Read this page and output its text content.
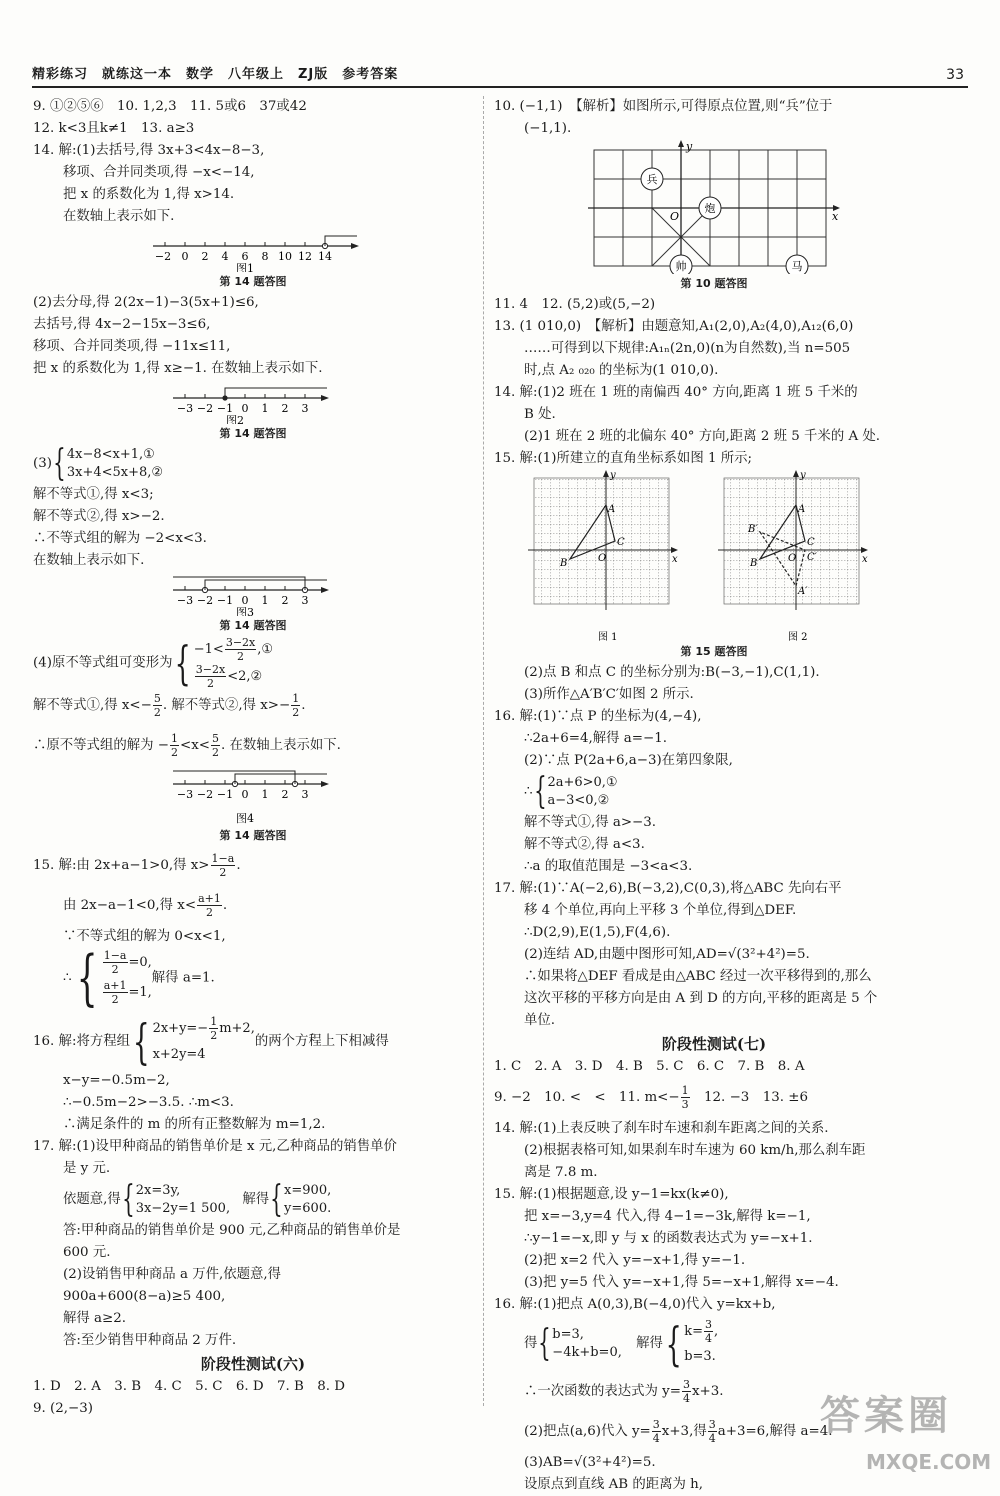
精彩练习　就练这一本　数学　八年级上　ZJ版　参考答案	33
9. ①②⑤⑥　10. 1,2,3　11. 5或6　37或42
12. k<3且k≠1　13. a≥3
14. 解:(1)去括号,得 3x+3<4x−8−3,
移项、合并同类项,得 −x<−14,
把 x 的系数化为 1,得 x>14.
在数轴上表示如下.
−2 0 2 4 6 8 10 12 14
图1
第 14 题答图
(2)去分母,得 2(2x−1)−3(5x+1)≤6,
去括号,得 4x−2−15x−3≤6,
移项、合并同类项,得 −11x≤11,
把 x 的系数化为 1,得 x≥−1. 在数轴上表示如下.
−3 −2 −1 0 1 2 3
图2
第 14 题答图
(3) { 4x−8<x+1,①
3x+4<5x+8,②
解不等式①,得 x<3;
解不等式②,得 x>−2.
∴不等式组的解为 −2<x<3.
在数轴上表示如下.
−3 −2 −1 0 1 2 3
图3
第 14 题答图
(4)原不等式组可变形为 { $-1< \frac{3-2x}{2}$ ,①
$\frac{3-2x}{2}$ <2,②
解不等式①,得 $x<- \frac{5}{2}$ . 解不等式②,得 $x>- \frac{1}{2}$ .
∴原不等式组的解为 − $\frac{1}{2} <x< \frac{5}{2}$ . 在数轴上表示如下.
−3 −2 −1 0 1 2 3
图4
第 14 题答图
15. 解:由 2x+a−1>0,得 $x> \frac{1-a}{2}$ .
由 2x−a−1<0,得 $x< \frac{a+1}{2}$ .
∵不等式组的解为 0<x<1,
∴ { $\frac{1-a}{2} =0$,
$\frac{a+1}{2} =1$,
解得 a=1.
16. 解:将方程组 { $2x+y=- \frac{1}{2} m+2$,
x+2y=4
的两个方程上下相减得
x−y=−0.5m−2,
∴−0.5m−2>−3.5. ∴m<3.
∴满足条件的 m 的所有正整数解为 m=1,2.
17. 解:(1)设甲种商品的销售单价是 x 元,乙种商品的销售单价
是 y 元.
依题意,得 { 2x=3y,
3x−2y=1 500,
解得 { x=900,
y=600.
答:甲种商品的销售单价是 900 元,乙种商品的销售单价是
600 元.
(2)设销售甲种商品 a 万件,依题意,得
900a+600(8−a)≥5 400,
解得 a≥2.
答:至少销售甲种商品 2 万件.
阶段性测试(六)
1. D　2. A　3. B　4. C　5. C　6. D　7. B　8. D
9. (2,−3)
10. (−1,1)　【解析】如图所示,可得原点位置,则“兵”位于
(−1,1).
x
y
O
兵
炮
帅	马
第 10 题答图
11. 4　12. (5,2)或(5,−2)
13. (1 010,0)　【解析】由题意知,A₁(2,0),A₂(4,0),A₁₂(6,0)
……可得到以下规律:A₁ₙ(2n,0)(n为自然数),当 n=505
时,点 A₂ ₀₂₀ 的坐标为(1 010,0).
14. 解:(1)2 班在 1 班的南偏西 40° 方向,距离 1 班 5 千米的
B 处.
(2)1 班在 2 班的北偏东 40° 方向,距离 2 班 5 千米的 A 处.
15. 解:(1)所建立的直角坐标系如图 1 所示;
x
y
O
A
B
C
图 1
x
y
O
A
B
C
A′
B′
C′
图 2
第 15 题答图
(2)点 B 和点 C 的坐标分别为:B(−3,−1),C(1,1).
(3)所作△A′B′C′如图 2 所示.
16. 解:(1)∵点 P 的坐标为(4,−4),
∴2a+6=4,解得 a=−1.
(2)∵点 P(2a+6,a−3)在第四象限,
∴ { 2a+6>0,①
a−3<0,②
解不等式①,得 a>−3.
解不等式②,得 a<3.
∴a 的取值范围是 −3<a<3.
17. 解:(1)∵A(−2,6),B(−3,2),C(0,3),将△ABC 先向右平
移 4 个单位,再向上平移 3 个单位,得到△DEF.
∴D(2,9),E(1,5),F(4,6).
(2)连结 AD,由题中图形可知,AD=√(3²+4²)=5.
∴如果将△DEF 看成是由△ABC 经过一次平移得到的,那么
这次平移的平移方向是由 A 到 D 的方向,平移的距离是 5 个
单位.
阶段性测试(七)
1. C　2. A　3. D　4. B　5. C　6. C　7. B　8. A
9. −2　10. <　<　11. $m<- \frac{1}{3}$ 　12. −3　13. ±6
14. 解:(1)上表反映了刹车时车速和刹车距离之间的关系.
(2)根据表格可知,如果刹车时车速为 60 km/h,那么刹车距
离是 7.8 m.
15. 解:(1)根据题意,设 y−1=kx(k≠0),
把 x=−3,y=4 代入,得 4−1=−3k,解得 k=−1,
∴y−1=−x,即 y 与 x 的函数表达式为 y=−x+1.
(2)把 x=2 代入 y=−x+1,得 y=−1.
(3)把 y=5 代入 y=−x+1,得 5=−x+1,解得 x=−4.
16. 解:(1)把点 A(0,3),B(−4,0)代入 y=kx+b,
得 { b=3,
−4k+b=0,
解得 { $k= \frac{3}{4}$ ,
b=3.
∴一次函数的表达式为 $y= \frac{3}{4} x+3$.
(2)把点(a,6)代入 $y= \frac{3}{4} x+3$,得 $\frac{3}{4} a+3=6$,解得 a=4.
(3)AB=√(3²+4²)=5.
设原点到直线 AB 的距离为 h,
答案圈
MXQE.COM
